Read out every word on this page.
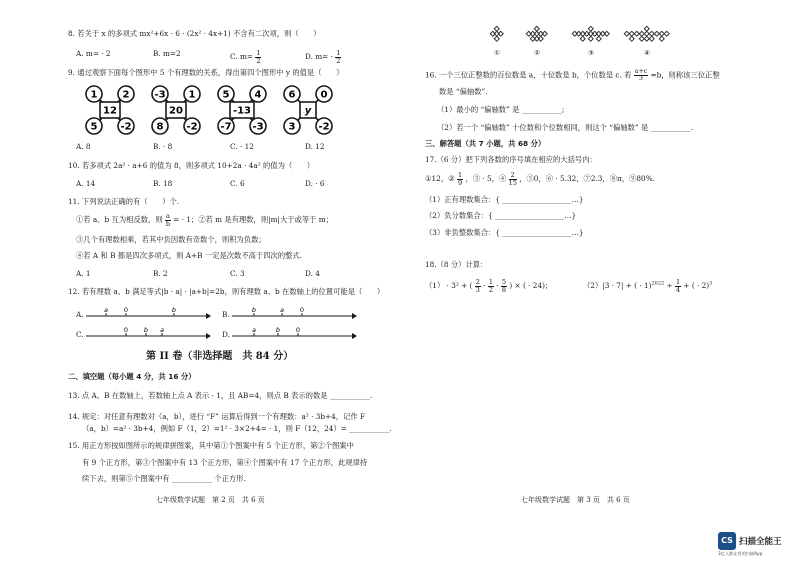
8. 若关于 x 的多项式 mx²+6x · 6 · (2x² · 4x+1) 不含有二次项，则（　　）
A. m= · 2	B. m=2	C. $m= \frac{1}{2}$	D. $m= \cdot \frac{1}{2}$
9. 通过观察下面每个图形中 5 个有理数的关系，得出第四个图形中 y 的值是（　　）
1	2
12
5 -2
-3 1
20
8 -2
5	4
-13
-7 -3
6	0
y
3 -2
A. 8	B. · 8	C. · 12	D. 12
10. 若多项式 2a² · a+6 的值为 8，则多项式 10+2a · 4a² 的值为（　　）
A. 14	B. 18	C. 6	D. · 6
11. 下列说法正确的有（　　）个.
①若 a、b 互为相反数，则 $\frac{a}{b}$ = · 1；②若 m 是有理数，则|m|大于或等于 m；
③几个有理数相乘，若其中负因数有奇数个，则积为负数；
④若 A 和 B 都是四次多项式，则 A+B 一定是次数不高于四次的整式.
A. 1	B. 2	C. 3	D. 4
12. 若有理数 a、b 满足等式|b · a| · |a+b|=2b，则有理数 a、b 在数轴上的位置可能是（　　）
A.
C.
B.
D.
a 0	b
0 b a
b	a 0
a	b 0
第 II 卷（非选择题　共 84 分）
二、填空题（每小题 4 分，共 16 分）
13. 点 A、B 在数轴上，若数轴上点 A 表示 · 1，且 AB=4，则点 B 表示的数是 ___________.
14. 规定：对任意有理数对（a，b），进行 “F” 运算后得到一个有理数：a² · 3b+4，记作 F
（a，b）=a² · 3b+4，例如 F（1，2）=1² · 3×2+4= · 1，则 F（12，24）= ___________.
15. 用正方形按如图所示的规律拼图案，其中第①个图案中有 5 个正方形，第②个图案中
有 9 个正方形，第③个图案中有 13 个正方形，第④个图案中有 17 个正方形，此规律持
续下去，则第⑤个图案中有 ___________ 个正方形.
七年级数学试题　第 2 页　共 6 页
①	②	③	④
16. 一个三位正整数的百位数是 a，十位数是 b，个位数是 c. 若 $\frac{a+c}{3} =b$，则称该三位正整
数是 “偏轴数”.
（1）最小的 “偏轴数” 是 ___________;
（2）若一个 “偏轴数” 十位数和个位数相同，则这个 “偏轴数” 是 ___________.
三、解答题（共 7 小题，共 68 分）
17.（6 分）把下列各数的序号填在相应的大括号内：
①12，② $\frac{1}{9}$ ，③ · 5，④ $\frac{2}{15}$ ，⑤0，⑥ · 5.32，⑦2.3，⑧π，⑨80%.
（1）正有理数集合：{ ___________________…}
（2）负分数集合：{ ___________________…}
（3）非负整数集合：{ ___________________…}
18.（8 分）计算：
（1） · 3² + ( $\frac{2}{3} \cdot \frac{1}{2} \cdot \frac{5}{8}$ ) × ( · 24)；	（2）|3 · 7| + ( · $1)^{2022} \div \frac{1}{4}$ + ( · 2)$^3$
七年级数学试题　第 3 页　共 6 页
CS 扫描全能王
3亿人都在用的扫描App
